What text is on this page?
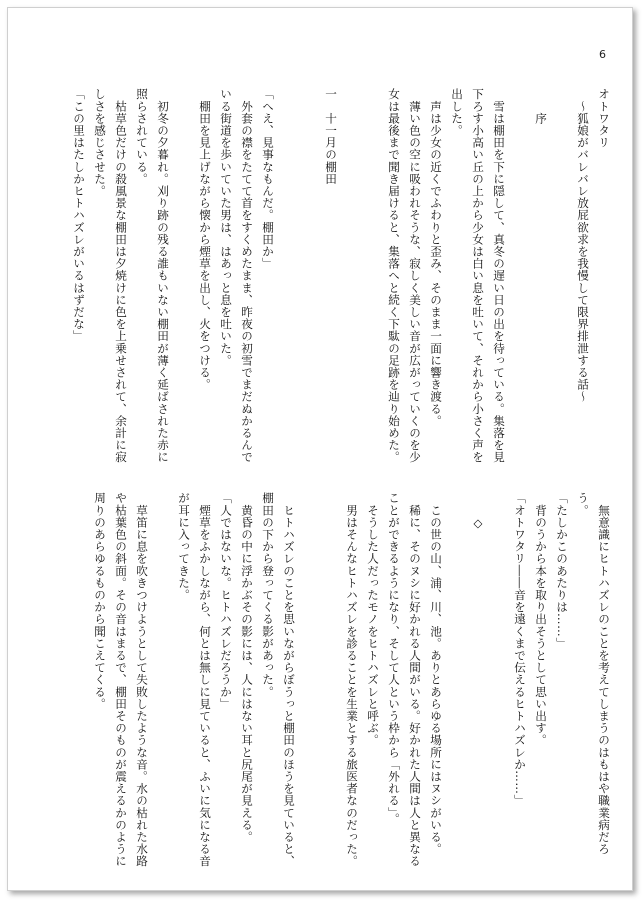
6
オトワタリ
　〜狐娘がバレバレ放屁欲求を我慢して限界排泄する話〜

　　序

　雪は棚田を下に隠して、真冬の遅い日の出を待っている。集落を見
下ろす小高い丘の上から少女は白い息を吐いて、それから小さく声を
出した。
　声は少女の近くでふわりと歪み、そのまま一面に響き渡る。
　薄い色の空に吸われそうな、寂しく美しい音が広がっていくのを少
女は最後まで聞き届けると、集落へと続く下駄の足跡を辿り始めた。

一　十一月の棚田

「へえ、見事なもんだ。棚田か」
　外套の襟をたてて首をすくめたまま、昨夜の初雪でまだぬかるんで
いる街道を歩いていた男は、はあっと息を吐いた。
　棚田を見上げながら懐から煙草を出し、火をつける。

　初冬の夕暮れ。刈り跡の残る誰もいない棚田が薄く延ばされた赤に
照らされている。
　枯草色だけの殺風景な棚田は夕焼けに色を上乗せされて、余計に寂
しさを感じさせた。
「この里はたしかヒトハズレがいるはずだな」
　無意識にヒトハズレのことを考えてしまうのはもはや職業病だろ
う。
「たしかこのあたりは……」
　背のうから本を取り出そうとして思い出す。
「オトワタリ――音を遠くまで伝えるヒトハズレか……」

　　◇

　この世の山、浦、川、池。ありとあらゆる場所にはヌシがいる。
　稀に、そのヌシに好かれる人間がいる。好かれた人間は人と異なる
ことができるようになり、そして人という枠から「外れる」。
　そうした人だったモノをヒトハズレと呼ぶ。
　男はそんなヒトハズレを診ることを生業とする旅医者なのだった。

　ヒトハズレのことを思いながらぼうっと棚田のほうを見ていると、
棚田の下から登ってくる影があった。
　黄昏の中に浮かぶその影には、人にはない耳と尻尾が見える。
「人ではないな。ヒトハズレだろうか」
　煙草をふかしながら、何とは無しに見ていると、ふいに気になる音
が耳に入ってきた。

　草笛に息を吹きつけようとして失敗したような音。水の枯れた水路
や枯葉色の斜面。その音はまるで、棚田そのものが震えるかのように
周りのあらゆるものから聞こえてくる。
